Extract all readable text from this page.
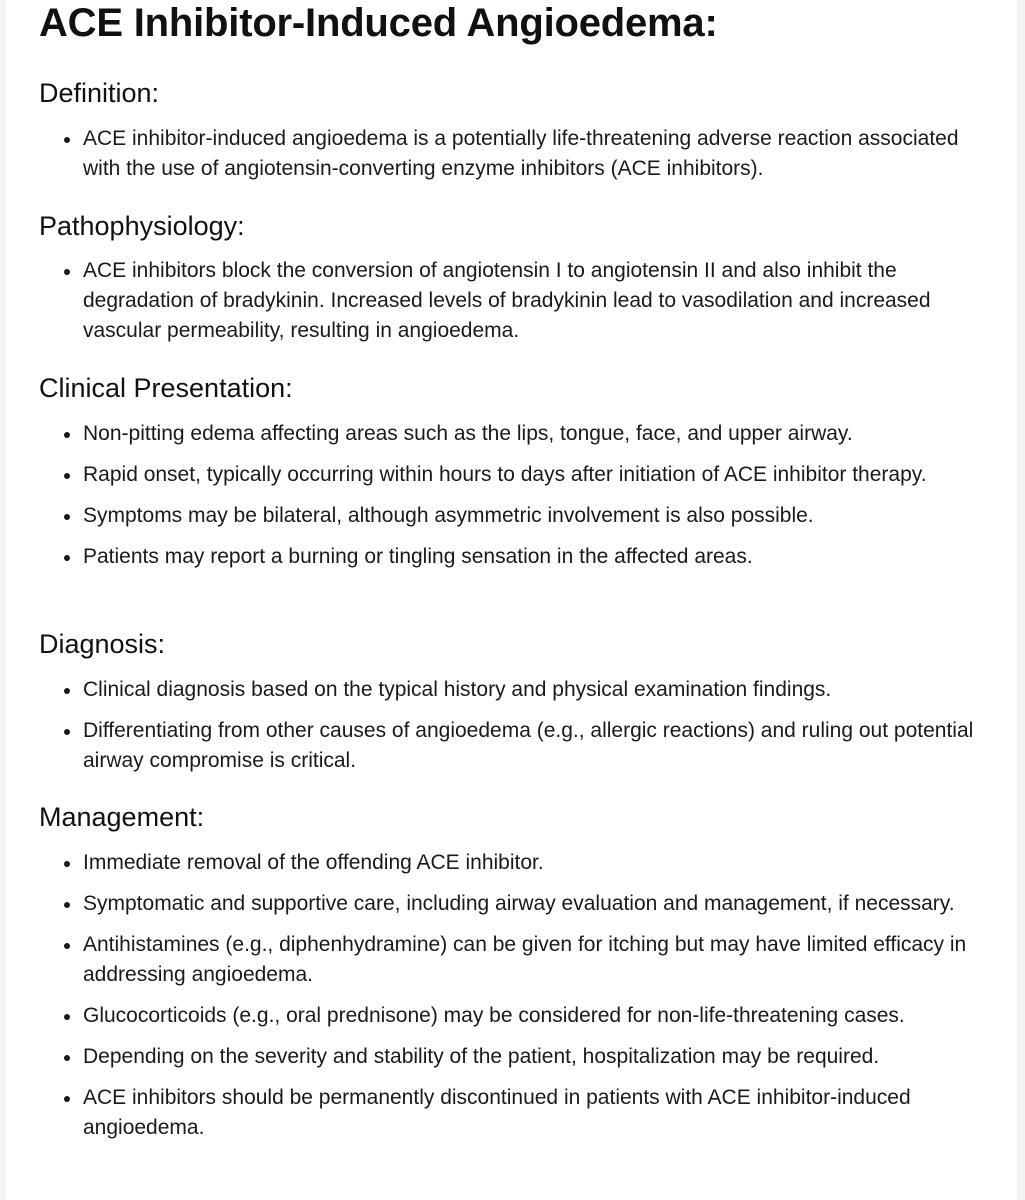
ACE Inhibitor-Induced Angioedema:
Definition:
ACE inhibitor-induced angioedema is a potentially life-threatening adverse reaction associated with the use of angiotensin-converting enzyme inhibitors (ACE inhibitors).
Pathophysiology:
ACE inhibitors block the conversion of angiotensin I to angiotensin II and also inhibit the degradation of bradykinin. Increased levels of bradykinin lead to vasodilation and increased vascular permeability, resulting in angioedema.
Clinical Presentation:
Non-pitting edema affecting areas such as the lips, tongue, face, and upper airway.
Rapid onset, typically occurring within hours to days after initiation of ACE inhibitor therapy.
Symptoms may be bilateral, although asymmetric involvement is also possible.
Patients may report a burning or tingling sensation in the affected areas.
Diagnosis:
Clinical diagnosis based on the typical history and physical examination findings.
Differentiating from other causes of angioedema (e.g., allergic reactions) and ruling out potential airway compromise is critical.
Management:
Immediate removal of the offending ACE inhibitor.
Symptomatic and supportive care, including airway evaluation and management, if necessary.
Antihistamines (e.g., diphenhydramine) can be given for itching but may have limited efficacy in addressing angioedema.
Glucocorticoids (e.g., oral prednisone) may be considered for non-life-threatening cases.
Depending on the severity and stability of the patient, hospitalization may be required.
ACE inhibitors should be permanently discontinued in patients with ACE inhibitor-induced angioedema.
